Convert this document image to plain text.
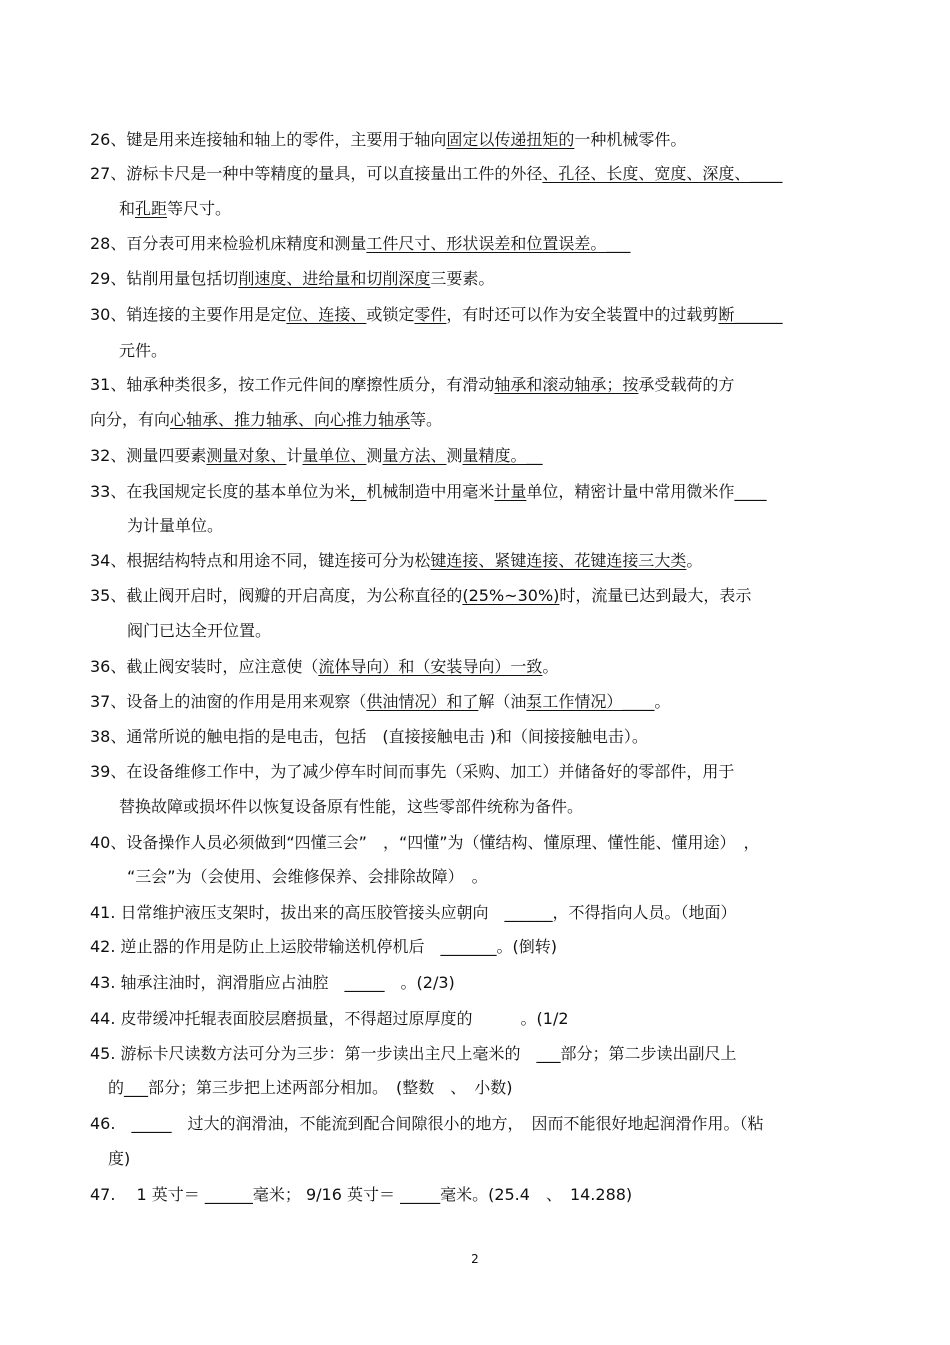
26、键是用来连接轴和轴上的零件，主要用于轴向固定以传递扭矩的一种机械零件。
27、游标卡尺是一种中等精度的量具，可以直接量出工件的外径、孔径、长度、宽度、深度、____
和孔距等尺寸。
28、百分表可用来检验机床精度和测量工件尺寸、形状误差和位置误差。___
29、钻削用量包括切削速度、进给量和切削深度三要素。
30、销连接的主要作用是定位、连接、或锁定零件，有时还可以作为安全装置中的过载剪断______
元件。
31、轴承种类很多，按工作元件间的摩擦性质分，有滑动轴承和滚动轴承；按承受载荷的方
向分，有向心轴承、推力轴承、向心推力轴承等。
32、测量四要素测量对象、计量单位、测量方法、测量精度。__
33、在我国规定长度的基本单位为米，机械制造中用毫米计量单位，精密计量中常用微米作____
为计量单位。
34、根据结构特点和用途不同，键连接可分为松键连接、紧键连接、花键连接三大类。
35、截止阀开启时，阀瓣的开启高度，为公称直径的(25%~30%)时，流量已达到最大，表示
阀门已达全开位置。
36、截止阀安装时，应注意使（流体导向）和（安装导向）一致。
37、设备上的油窗的作用是用来观察（供油情况）和了解（油泵工作情况）____。
38、通常所说的触电指的是电击，包括　(直接接触电击 )和（间接接触电击）。
39、在设备维修工作中，为了减少停车时间而事先（采购、加工）并储备好的零部件，用于
替换故障或损坏件以恢复设备原有性能，这些零部件统称为备件。
40、设备操作人员必须做到“四懂三会”　，“四懂”为（懂结构、懂原理、懂性能、懂用途）　，
“三会”为（会使用、会维修保养、会排除故障）　。
41. 日常维护液压支架时，拔出来的高压胶管接头应朝向　______，不得指向人员。（地面）
42. 逆止器的作用是防止上运胶带输送机停机后　_______。(倒转)
43. 轴承注油时，润滑脂应占油腔　_____　。(2/3)
44. 皮带缓冲托辊表面胶层磨损量，不得超过原厚度的　　　。(1/2
45. 游标卡尺读数方法可分为三步：第一步读出主尺上毫米的　___部分；第二步读出副尺上
的___部分；第三步把上述两部分相加。　(整数　、　小数)
46.　_____　过大的润滑油，不能流到配合间隙很小的地方，　因而不能很好地起润滑作用。（粘
度)
47.　 1 英寸＝ ______毫米； 9/16 英寸＝ _____毫米。(25.4　、　14.288)
2
